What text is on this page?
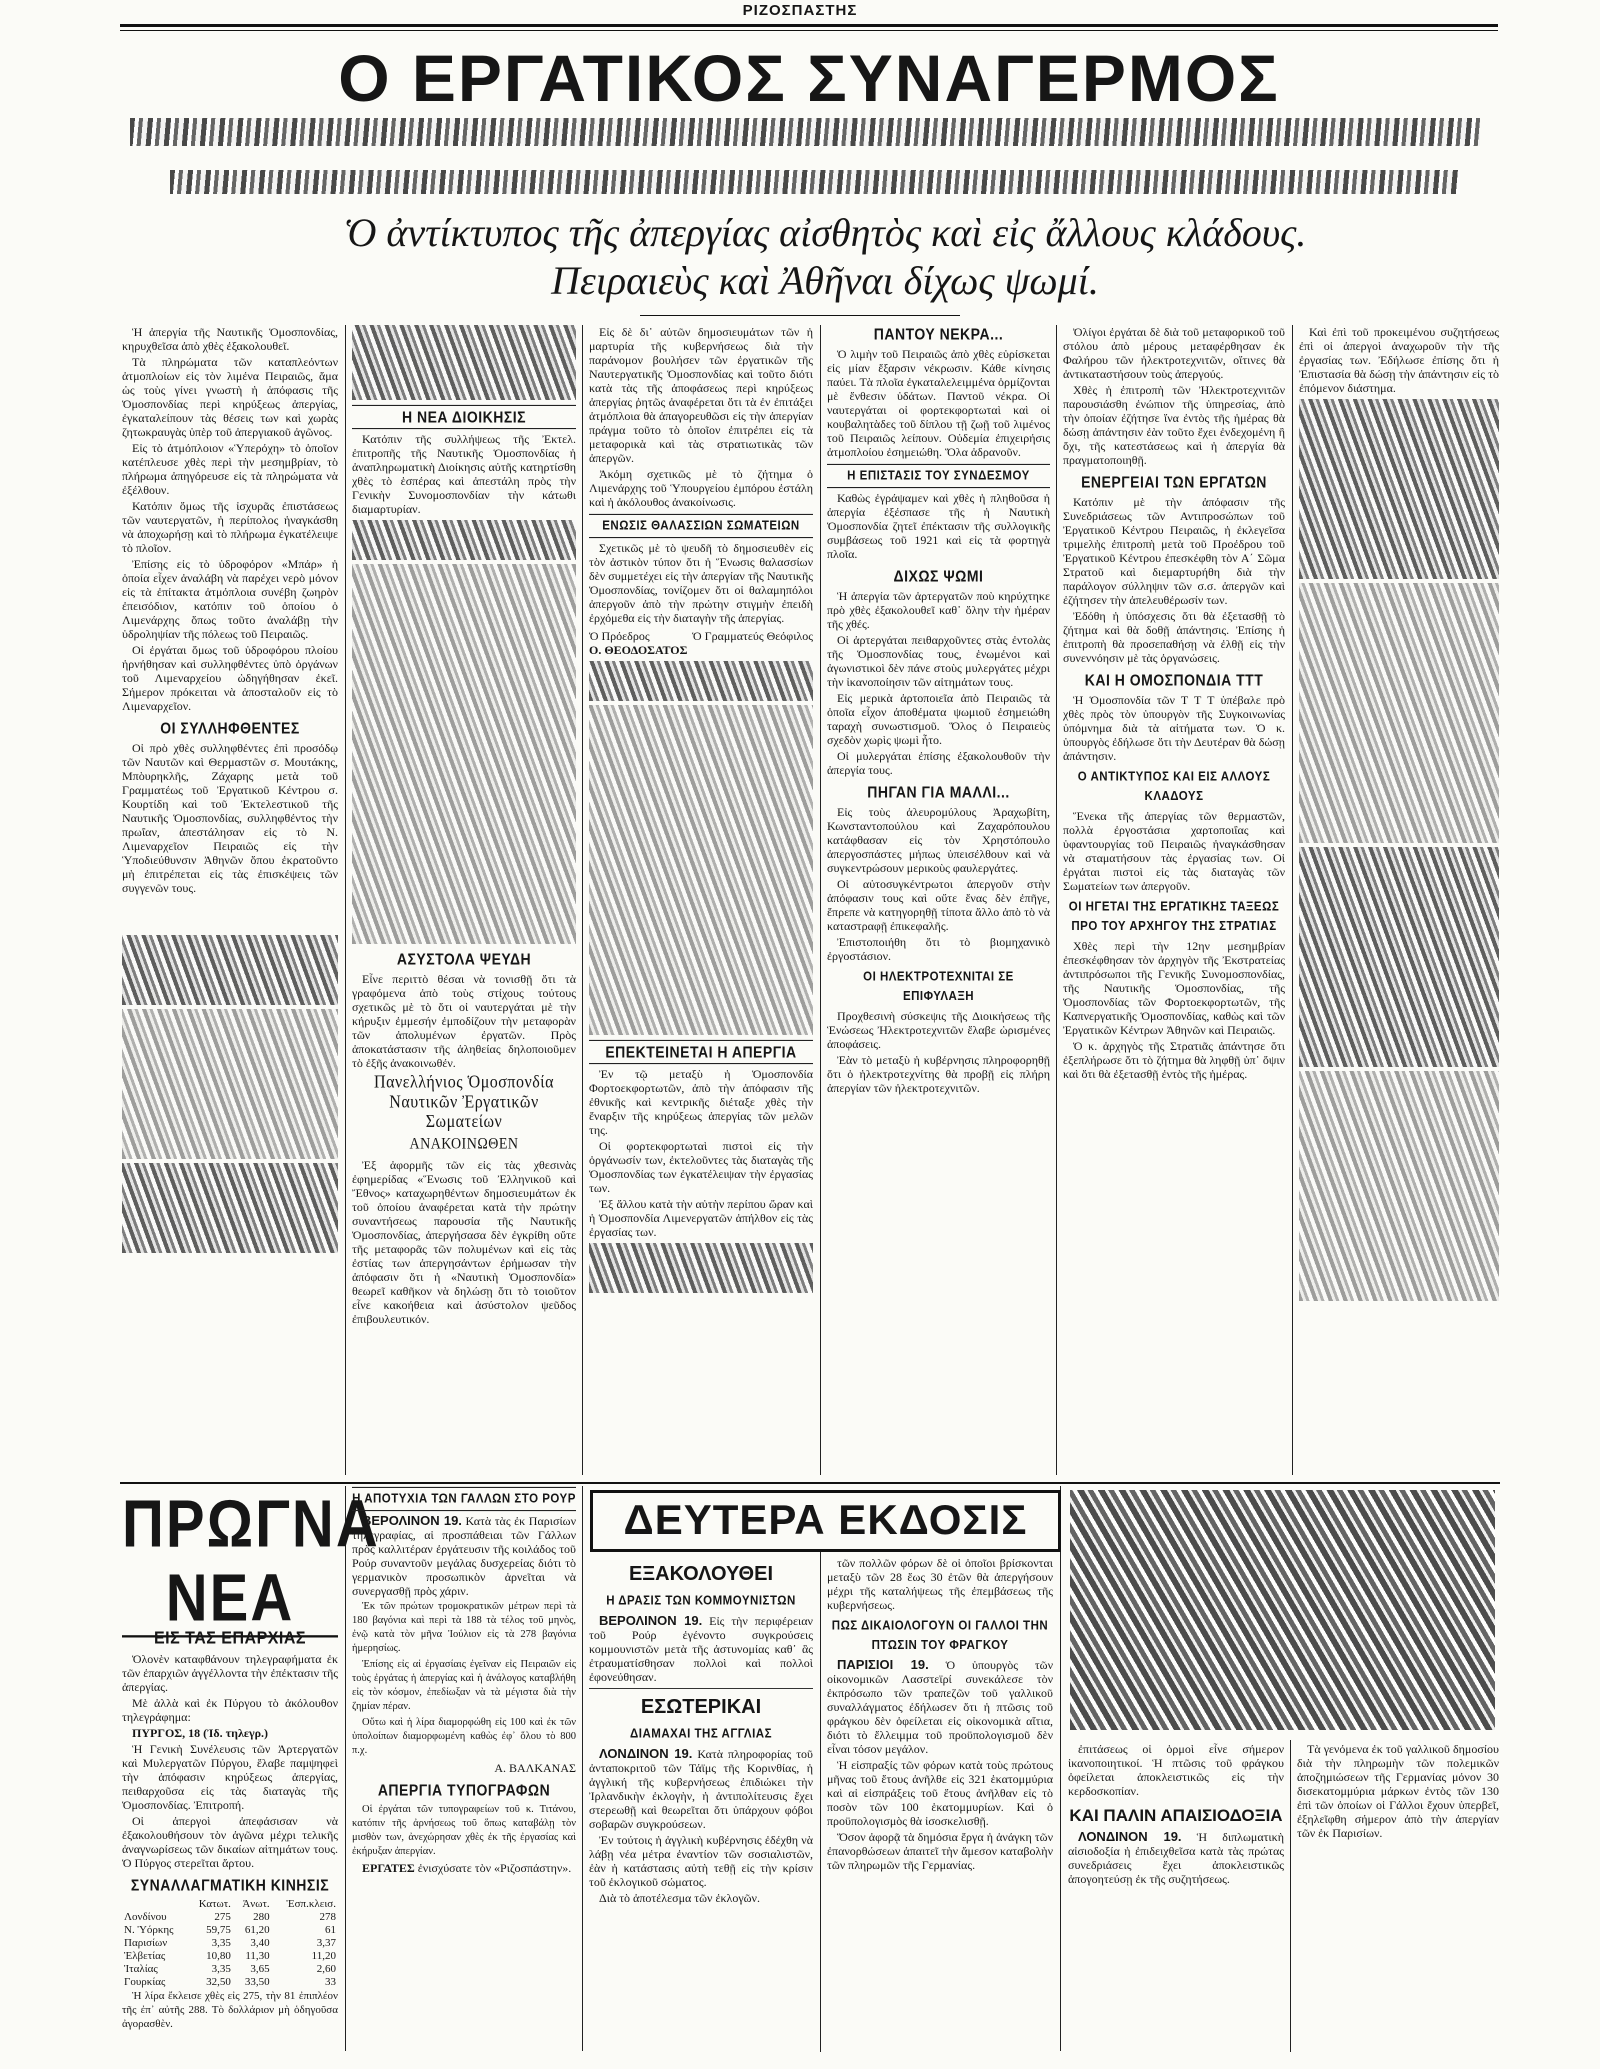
ΡΙΖΟΣΠΑΣΤΗΣ
Ο ΕΡΓΑΤΙΚΟΣ ΣΥΝΑΓΕΡΜΟΣ
Ὁ ἀντίκτυπος τῆς ἀπεργίας αἰσθητὸς καὶ εἰς ἄλλους κλάδους.
Πειραιεὺς καὶ Ἀθῆναι δίχως ψωμί.

Ἡ ἀπεργία τῆς Ναυτικῆς Ὁμοσπονδίας, κηρυχθεῖσα ἀπὸ χθὲς ἐξακολουθεῖ.

Τὰ πληρώματα τῶν καταπλεόντων ἀτμοπλοίων εἰς τὸν λιμένα Πειραιῶς, ἅμα ὡς τοὺς γίνει γνωστὴ ἡ ἀπόφασις τῆς Ὁμοσπονδίας περὶ κηρύξεως ἀπεργίας, ἐγκαταλείπουν τὰς θέσεις των καὶ χωρὰς ζητωκραυγὰς ὑπὲρ τοῦ ἀπεργιακοῦ ἀγῶνος.

Εἰς τὸ ἀτμόπλοιον «Ὑπερόχη» τὸ ὁποῖον κατέπλευσε χθὲς περὶ τὴν μεσημβρίαν, τὸ πλήρωμα ἀπηγόρευσε εἰς τὰ πληρώματα νὰ ἐξέλθουν.

Κατόπιν ὅμως τῆς ἰσχυρᾶς ἐπιστάσεως τῶν ναυτεργατῶν, ἡ περίπολος ἠναγκάσθη νὰ ἀποχωρήσῃ καὶ τὸ πλήρωμα ἐγκατέλειψε τὸ πλοῖον.

Ἐπίσης εἰς τὸ ὑδροφόρον «Μπάρ» ἡ ὁποία εἶχεν ἀναλάβη νὰ παρέχει νερὸ μόνον εἰς τὰ ἐπίτακτα ἀτμόπλοια συνέβη ζωηρὸν ἐπεισόδιον, κατόπιν τοῦ ὁποίου ὁ Λιμενάρχης ὅπως τοῦτο ἀναλάβῃ τὴν ὑδροληψίαν τῆς πόλεως τοῦ Πειραιῶς.

Οἱ ἐργάται ὅμως τοῦ ὑδροφόρου πλοίου ἠρνήθησαν καὶ συλληφθέντες ὑπὸ ὀργάνων τοῦ Λιμεναρχείου ὡδηγήθησαν ἐκεῖ. Σήμερον πρόκειται νὰ ἀποσταλοῦν εἰς τὸ Λιμεναρχεῖον.

ΟΙ ΣΥΛΛΗΦΘΕΝΤΕΣ

Οἱ πρὸ χθὲς συλληφθέντες ἐπὶ προσόδῳ τῶν Ναυτῶν καὶ Θερμαστῶν σ. Μουτάκης, Μπὸυρηκλῆς, Ζάχαρης μετὰ τοῦ Γραμματέως τοῦ Ἐργατικοῦ Κέντρου σ. Κουρτίδη καὶ τοῦ Ἐκτελεστικοῦ τῆς Ναυτικῆς Ὁμοσπονδίας, συλληφθέντος τὴν πρωΐαν, ἀπεστάλησαν εἰς τὸ Ν. Λιμεναρχεῖον Πειραιῶς εἰς τὴν Ὑποδιεύθυνσιν Ἀθηνῶν ὅπου ἐκρατοῦντο μὴ ἐπιτρέπεται εἰς τὰς ἐπισκέψεις τῶν συγγενῶν τους.

Η ΝΕΑ ΔΙΟΙΚΗΣΙΣ

Κατόπιν τῆς συλλήψεως τῆς Ἐκτελ. ἐπιτροπῆς τῆς Ναυτικῆς Ὁμοσπονδίας ἡ ἀναπληρωματικὴ Διοίκησις αὐτῆς κατηρτίσθη χθὲς τὸ ἑσπέρας καὶ ἀπεστάλη πρὸς τὴν Γενικὴν Συνομοσπονδίαν τὴν κάτωθι διαμαρτυρίαν.

ΑΣΥΣΤΟΛΑ ΨΕΥΔΗ

Εἶνε περιττὸ θέσαι νὰ τονισθῇ ὅτι τὰ γραφόμενα ἀπὸ τοὺς στίχους τούτους σχετικῶς μὲ τὸ ὅτι οἱ ναυτεργάται μὲ τὴν κήρυξιν ἐμμεσήν ἐμποδίζουν τὴν μεταφορὰν τῶν ἀπολυμένων ἐργατῶν. Πρὸς ἀποκατάστασιν τῆς ἀληθείας δηλοποιοῦμεν τὸ ἐξῆς ἀνακοινωθέν.

Πανελλήνιος Ὁμοσπονδία Ναυτικῶν Ἐργατικῶν Σωματείων
ΑΝΑΚΟΙΝΩΘΕΝ

Ἐξ ἀφορμῆς τῶν εἰς τὰς χθεσινὰς ἐφημερίδας «Ἕνωσις τοῦ Ἐλληνικοῦ καὶ Ἔθνος» καταχωρηθέντων δημοσιευμάτων ἐκ τοῦ ὁποίου ἀναφέρεται κατὰ τὴν πρώτην συναντήσεως παρουσία τῆς Ναυτικῆς Ὁμοσπονδίας, ἀπεργήσασα δὲν ἐγκρίθη οὔτε τῆς μεταφορᾶς τῶν πολυμένων καὶ εἰς τὰς ἐστίας των ἀπεργησάντων ἐρήμωσαν τὴν ἀπόφασιν ὅτι ἡ «Ναυτικὴ Ὁμοσπονδία» θεωρεῖ καθῆκον νὰ δηλώσῃ ὅτι τὸ τοιοῦτον εἶνε κακοήθεια καὶ ἀσύστολον ψεῦδος ἐπιβουλευτικόν.

Εἰς δὲ δι᾽ αὐτῶν δημοσιευμάτων τῶν ἡ μαρτυρία τῆς κυβερνήσεως διὰ τὴν παράνομον βουλήσεν τῶν ἐργατικῶν τῆς Ναυτεργατικῆς Ὁμοσπονδίας καὶ τοῦτο διότι κατὰ τὰς τῆς ἀποφάσεως περὶ κηρύξεως ἀπεργίας ῥητῶς ἀναφέρεται ὅτι τὰ ἐν ἐπιτάξει ἀτμόπλοια θὰ ἀπαγορευθῶσι εἰς τὴν ἀπεργίαν πράγμα τοῦτο τὸ ὁποῖον ἐπιτρέπει εἰς τὰ μεταφορικὰ καὶ τὰς στρατιωτικὰς τῶν ἀπεργῶν.

Ἀκόμη σχετικῶς μὲ τὸ ζήτημα ὁ Λιμενάρχης τοῦ Ὑπουργείου ἐμπόρου ἐστάλη καὶ ἡ ἀκόλουθος ἀνακοίνωσις.

ΕΝΩΣΙΣ ΘΑΛΑΣΣΙΩΝ ΣΩΜΑΤΕΙΩΝ

Σχετικῶς μὲ τὸ ψευδῆ τὸ δημοσιευθὲν εἰς τὸν ἀστικὸν τύπον ὅτι ἡ Ἕνωσις θαλασσίων δὲν συμμετέχει εἰς τὴν ἀπεργίαν τῆς Ναυτικῆς Ὁμοσπονδίας, τονίζομεν ὅτι οἱ θαλαμηπόλοι ἀπεργοῦν ἀπὸ τὴν πρώτην στιγμὴν ἐπειδὴ ἐρχόμεθα εἰς τὴν διαταγὴν τῆς ἀπεργίας.

Ὁ Πρόεδρος
Ο. ΘΕΟΔΟΣΑΤΟΣ
Ὁ Γραμματεύς Θεόφιλος
ΕΠΕΚΤΕΙΝΕΤΑΙ Η ΑΠΕΡΓΙΑ

Ἐν τῷ μεταξὺ ἡ Ὁμοσπονδία Φορτοεκφορτωτῶν, ἀπὸ τὴν ἀπόφασιν τῆς ἐθνικῆς καὶ κεντρικῆς διέταξε χθὲς τὴν ἔναρξιν τῆς κηρύξεως ἀπεργίας τῶν μελῶν της.

Οἱ φορτεκφορτωταὶ πιστοὶ εἰς τὴν ὀργάνωσίν των, ἐκτελοῦντες τὰς διαταγὰς τῆς Ὁμοσπονδίας των ἐγκατέλειψαν τὴν ἐργασίας των.

Ἐξ ἄλλου κατὰ τὴν αὐτὴν περίπου ὥραν καὶ ἡ Ὁμοσπονδία Λιμενεργατῶν ἀπήλθον εἰς τὰς ἐργασίας των.

ΠΑΝΤΟΥ ΝΕΚΡΑ...

Ὁ λιμὴν τοῦ Πειραιῶς ἀπὸ χθὲς εὑρίσκεται εἰς μίαν ἔξαρσιν νέκρωσιν. Κάθε κίνησις παύει. Τὰ πλοῖα ἐγκαταλελειμμένα ὁρμίζονται μὲ ἔνθεσιν ὑδάτων. Παντοῦ νέκρα. Οἱ ναυτεργάται οἱ φορτεκφορτωταὶ καὶ οἱ κουβαλητὰδες τοῦ δίπλου τῇ ζωῇ τοῦ λιμένος τοῦ Πειραιῶς λείπουν. Οὐδεμία ἐπιχειρήσις ἀτμοπλοίου ἐσημειώθη. Ὅλα ἀδρανοῦν.

Η ΕΠΙΣΤΑΣΙΣ ΤΟΥ ΣΥΝΔΕΣΜΟΥ

Καθὼς ἐγράψαμεν καὶ χθὲς ἡ πληθοῦσα ἡ ἀπεργία ἐξέσπασε τῆς ἡ Ναυτικὴ Ὁμοσπονδία ζητεῖ ἐπέκτασιν τῆς συλλογικῆς συμβάσεως τοῦ 1921 καὶ εἰς τὰ φορτηγὰ πλοῖα.

ΔΙΧΩΣ ΨΩΜΙ

Ἡ ἀπεργία τῶν ἀρτεργατῶν ποὺ κηρύχτηκε πρὸ χθὲς ἐξακολουθεῖ καθ᾽ ὅλην τὴν ἡμέραν τῆς χθές.

Οἱ ἀρτεργάται πειθαρχοῦντες στὰς ἐντολὰς τῆς Ὁμοσπονδίας τους, ἑνωμένοι καὶ ἀγωνιστικοὶ δὲν πάνε στοὺς μυλεργάτες μέχρι τὴν ἱκανοποίησιν τῶν αἰτημάτων τους.

Εἰς μερικὰ ἀρτοποιεῖα ἀπὸ Πειραιῶς τὰ ὁποῖα εἶχον ἀποθέματα ψωμιοῦ ἐσημειώθη ταραχὴ συνωστισμοῦ. Ὅλος ὁ Πειραιεὺς σχεδὸν χωρὶς ψωμὶ ἦτο.

Οἱ μυλεργάται ἐπίσης ἐξακολουθοῦν τὴν ἀπεργία τους.

ΠΗΓΑΝ ΓΙΑ ΜΑΛΛΙ...

Εἰς τοὺς ἀλευρομύλους Ἀραχωβίτη, Κωνσταντοπούλου καὶ Ζαχαρόπουλου κατάφθασαν εἰς τὸν Χρηστόπουλο ἀπεργοσπάστες μήπως ὑπεισέλθουν καὶ νὰ συγκεντρώσουν μερικοὺς φαυλεργάτες.

Οἱ αὐτοσυγκέντρωτοι ἀπεργοῦν στὴν ἀπόφασιν τους καὶ οὔτε ἕνας δὲν ἐπῆγε, ἔπρεπε νὰ κατηγορηθῇ τίποτα ἄλλο ἀπὸ τὸ νὰ καταστραφῇ ἐπικεφαλῆς.

Ἐπιστοποιήθη ὅτι τὸ βιομηχανικὸ ἐργοστάσιον.

ΟΙ ΗΛΕΚΤΡΟΤΕΧΝΙΤΑΙ ΣΕ ΕΠΙΦΥΛΑΞΗ

Προχθεσινὴ σύσκεψις τῆς Διοικήσεως τῆς Ἑνώσεως Ἠλεκτροτεχνιτῶν ἔλαβε ὡρισμένες ἀποφάσεις.

Ἐὰν τὸ μεταξὺ ἡ κυβέρνησις πληροφορηθῇ ὅτι ὁ ἡλεκτροτεχνίτης θὰ προβῇ εἰς πλήρη ἀπεργίαν τῶν ἠλεκτροτεχνιτῶν.

Ὀλίγοι ἐργάται δὲ διὰ τοῦ μεταφορικοῦ τοῦ στόλου ἀπὸ μέρους μεταφέρθησαν ἐκ Φαλήρου τῶν ἠλεκτροτεχνιτῶν, οἵτινες θὰ ἀντικαταστήσουν τοὺς ἀπεργούς.

Χθὲς ἡ ἐπιτροπὴ τῶν Ἠλεκτροτεχνιτῶν παρουσιάσθη ἐνώπιον τῆς ὑπηρεσίας, ἀπὸ τὴν ὁποίαν ἐζήτησε ἵνα ἐντὸς τῆς ἡμέρας θὰ δώσῃ ἀπάντησιν ἐὰν τοῦτο ἔχει ἐνδεχομένη ἢ ὄχι, τῆς κατεστάσεως καὶ ἡ ἀπεργία θὰ πραγματοποιηθῇ.

ΕΝΕΡΓΕΙΑΙ ΤΩΝ ΕΡΓΑΤΩΝ

Κατόπιν μὲ τὴν ἀπόφασιν τῆς Συνεδριάσεως τῶν Αντιπροσώπων τοῦ Ἐργατικοῦ Κέντρου Πειραιῶς, ἡ ἐκλεγεῖσα τριμελὴς ἐπιτροπὴ μετὰ τοῦ Προέδρου τοῦ Ἐργατικοῦ Κέντρου ἐπεσκέφθη τὸν Α΄ Σῶμα Στρατοῦ καὶ διεμαρτυρήθη διὰ τὴν παράλογον σύλληψιν τῶν σ.σ. ἀπεργῶν καὶ ἐζήτησεν τὴν ἀπελευθέρωσίν των.

Ἐδόθη ἡ ὑπόσχεσις ὅτι θὰ ἐξετασθῇ τὸ ζήτημα καὶ θὰ δοθῇ ἀπάντησις. Ἐπίσης ἡ ἐπιτροπὴ θὰ προσεπαθήσῃ νὰ ἐλθῇ εἰς τὴν συνεννόησιν μὲ τὰς ὀργανώσεις.

ΚΑΙ Η ΟΜΟΣΠΟΝΔΙΑ ΤΤΤ

Ἡ Ὁμοσπονδία τῶν Τ Τ Τ ὑπέβαλε πρὸ χθὲς πρὸς τὸν ὑπουργὸν τῆς Συγκοινωνίας ὑπόμνημα διὰ τὰ αἰτήματα των. Ὁ κ. ὑπουργὸς ἐδήλωσε ὅτι τὴν Δευτέραν θὰ δώσῃ ἀπάντησιν.

Ο ΑΝΤΙΚΤΥΠΟΣ ΚΑΙ ΕΙΣ ΑΛΛΟΥΣ ΚΛΑΔΟΥΣ

Ἕνεκα τῆς ἀπεργίας τῶν θερμαστῶν, πολλὰ ἐργοστάσια χαρτοποιΐας καὶ ὑφαντουργίας τοῦ Πειραιῶς ἠναγκάσθησαν νὰ σταματήσουν τὰς ἐργασίας των. Οἱ ἐργάται πιστοὶ εἰς τὰς διαταγὰς τῶν Σωματείων των ἀπεργοῦν.

ΟΙ ΗΓΕΤΑΙ ΤΗΣ ΕΡΓΑΤΙΚΗΣ ΤΑΞΕΩΣ ΠΡΟ ΤΟΥ ΑΡΧΗΓΟΥ ΤΗΣ ΣΤΡΑΤΙΑΣ

Χθὲς περὶ τὴν 12ην μεσημβρίαν ἐπεσκέφθησαν τὸν ἀρχηγὸν τῆς Ἐκστρατείας ἀντιπρόσωποι τῆς Γενικῆς Συνομοσπονδίας, τῆς Ναυτικῆς Ὁμοσπονδίας, τῆς Ὁμοσπονδίας τῶν Φορτοεκφορτωτῶν, τῆς Καπνεργατικῆς Ὁμοσπονδίας, καθὼς καὶ τῶν Ἐργατικῶν Κέντρων Ἀθηνῶν καὶ Πειραιῶς.

Ὁ κ. ἀρχηγὸς τῆς Στρατιᾶς ἀπάντησε ὅτι ἐξεπλήρωσε ὅτι τὸ ζήτημα θὰ ληφθῇ ὑπ᾽ ὄψιν καὶ ὅτι θὰ ἐξετασθῇ ἐντὸς τῆς ἡμέρας.

Καὶ ἐπὶ τοῦ προκειμένου συζητήσεως ἐπὶ οἱ ἀπεργοὶ ἀναχωροῦν τὴν τῆς ἐργασίας των. Ἐδήλωσε ἐπίσης ὅτι ἡ Ἐπιστασία θὰ δώσῃ τὴν ἀπάντησιν εἰς τὸ ἐπόμενον διάστημα.

ΠΡΩΓΝΑ ΝΕΑ
ΕΙΣ ΤΑΣ ΕΠΑΡΧΙΑΣ

Ὁλονὲν καταφθάνουν τηλεγραφήματα ἐκ τῶν ἐπαρχιῶν ἀγγέλλοντα τὴν ἐπέκτασιν τῆς ἀπεργίας.

Μὲ ἀλλὰ καὶ ἐκ Πύργου τὸ ἀκόλουθον τηλεγράφημα:

ΠΥΡΓΟΣ, 18 (Ἰδ. τηλεγρ.)

Ἡ Γενικὴ Συνέλευσις τῶν Ἀρτεργατῶν καὶ Μυλεργατῶν Πύργου, ἔλαβε παμψηφεὶ τὴν ἀπόφασιν κηρύξεως ἀπεργίας, πειθαρχοῦσα εἰς τὰς διαταγὰς τῆς Ὁμοσπονδίας. Ἐπιτροπή.

Οἱ ἀπεργοὶ ἀπεφάσισαν νὰ ἐξακολουθήσουν τὸν ἀγῶνα μέχρι τελικῆς ἀναγνωρίσεως τῶν δικαίων αἰτημάτων τους. Ὁ Πύργος στερεῖται ἄρτου.

ΣΥΝΑΛΛΑΓΜΑΤΙΚΗ ΚΙΝΗΣΙΣ
	Κατωτ.	Ἀνωτ.	Ἐσπ.κλεισ.
Λονδίνου	275	280	278
Ν. Ὑόρκης	59,75	61,20	61
Παρισίων	3,35	3,40	3,37
Ἑλβετίας	10,80	11,30	11,20
Ἰταλίας	3,35	3,65	2,60
Γουρκίας	32,50	33,50	33

Ἡ λίρα ἔκλεισε χθὲς εἰς 275, τὴν 81 ἐπιπλέον τῆς ἐπ᾽ αὐτῆς 288. Τὸ δολλάριον μὴ ὁδηγοῦσα ἀγορασθὲν.

Η ΑΠΟΤΥΧΙΑ ΤΩΝ ΓΑΛΛΩΝ ΣΤΟ ΡΟΥΡ

ΒΕΡΟΛΙΝΟΝ 19. Κατὰ τὰς ἐκ Παρισίων τηλεγραφίας, αἱ προσπάθειαι τῶν Γάλλων πρὸς καλλιτέραν ἐργάτευσιν τῆς κοιλάδος τοῦ Ρούρ συναντοῦν μεγάλας δυσχερείας διότι τὸ γερμανικὸν προσωπικὸν ἀρνεῖται νὰ συνεργασθῇ πρὸς χάριν.

Ἐκ τῶν πρώτων τρομοκρατικῶν μέτρων περὶ τὰ 180 βαγόνια καὶ περὶ τὰ 188 τὰ τέλος τοῦ μηνὸς, ἐνῷ κατὰ τὸν μῆνα Ἰούλιον εἰς τὰ 278 βαγόνια ἡμερησίως.

Ἐπίσης εἰς αἱ ἐργασίαις ἐγεῖναν εἰς Πειραιῶν εἰς τοὺς ἐργάτας ἡ ἀπεργίας καὶ ἡ ἀνάλογος καταβλήθη εἰς τὸν κόσμον, ἐπεδίωξαν νὰ τὰ μέγιστα διὰ τὴν ζημίαν πέραν.

Οὕτω καὶ ἡ λίρα διαμορφώθη εἰς 100 καὶ ἐκ τῶν ὑπολοίπων διαμορφωμένη καθὼς ἐφ᾽ ὅλου τὸ 800 π.χ.

Α. ΒΑΛΚΑΝΑΣ
ΑΠΕΡΓΙΑ ΤΥΠΟΓΡΑΦΩΝ

Οἱ ἐργάται τῶν τυπογραφείων τοῦ κ. Τιτάνου, κατόπιν τῆς ἀρνήσεως τοῦ ὅπως καταβάλῃ τὸν μισθὸν των, ἀνεχώρησαν χθὲς ἐκ τῆς ἐργασίας καὶ ἐκήρυξαν ἀπεργίαν.

ΕΡΓΑΤΕΣ ἐνισχύσατε τὸν «Ριζοσπάστην».

ΔΕΥΤΕΡΑ ΕΚΔΟΣΙΣ
ΕΞΑΚΟΛΟΥΘΕΙ
Η ΔΡΑΣΙΣ ΤΩΝ ΚΟΜΜΟΥΝΙΣΤΩΝ

ΒΕΡΟΛΙΝΟΝ 19. Εἰς τὴν περιφέρειαν τοῦ Ρούρ ἐγένοντο συγκρούσεις κομμουνιστῶν μετὰ τῆς ἀστυνομίας καθ᾽ ἃς ἐτραυματίσθησαν πολλοὶ καὶ πολλοὶ ἐφονεύθησαν.

ΕΣΩΤΕΡΙΚΑΙ
ΔΙΑΜΑΧΑΙ ΤΗΣ ΑΓΓΛΙΑΣ

ΛΟΝΔΙΝΟΝ 19. Κατὰ πληροφορίας τοῦ ἀνταποκριτοῦ τῶν Τάϊμς τῆς Κορινθίας, ἡ ἀγγλική τῆς κυβερνήσεως ἐπιδιώκει τὴν Ἰρλανδικὴν ἐκλογὴν, ἡ ἀντιπολίτευσις ἔχει στερεωθῇ καὶ θεωρεῖται ὅτι ὑπάρχουν φόβοι σοβαρῶν συγκρούσεων.

Ἐν τούτοις ἡ ἀγγλικὴ κυβέρνησις ἐδέχθη νὰ λάβῃ νέα μέτρα ἐναντίον τῶν σοσιαλιστῶν, ἐὰν ἡ κατάστασις αὐτὴ τεθῇ εἰς τὴν κρίσιν τοῦ ἐκλογικοῦ σώματος.

Διὰ τὸ ἀποτέλεσμα τῶν ἐκλογῶν.

τῶν πολλῶν φόρων δὲ οἱ ὁποῖοι βρίσκονται μεταξὺ τῶν 28 ἕως 30 ἐτῶν θὰ ἀπεργήσουν μέχρι τῆς καταλήψεως τῆς ἐπεμβάσεως τῆς κυβερνήσεως.

ΠΩΣ ΔΙΚΑΙΟΛΟΓΟΥΝ ΟΙ ΓΑΛΛΟΙ ΤΗΝ ΠΤΩΣΙΝ ΤΟΥ ΦΡΑΓΚΟΥ

ΠΑΡΙΣΙΟΙ 19. Ὁ ὑπουργὸς τῶν οἰκονομικῶν Λασστεϊρί συνεκάλεσε τὸν ἐκπρόσωπο τῶν τραπεζῶν τοῦ γαλλικοῦ συναλλάγματος ἐδήλωσεν ὅτι ἡ πτῶσις τοῦ φράγκου δὲν ὀφείλεται εἰς οἰκονομικὰ αἴτια, διότι τὸ ἔλλειμμα τοῦ προϋπολογισμοῦ δὲν εἶναι τόσον μεγάλον.

Ἡ εἰσπραξίς τῶν φόρων κατὰ τοὺς πρώτους μῆνας τοῦ ἔτους ἀνῆλθε εἰς 321 ἑκατομμύρια καὶ αἱ εἰσπράξεις τοῦ ἔτους ἀνῆλθαν εἰς τὸ ποσὸν τῶν 100 ἑκατομμυρίων. Καὶ ὁ προϋπολογισμὸς θὰ ἰσοσκελισθῇ.

Ὅσον ἀφορᾷ τὰ δημόσια ἔργα ἡ ἀνάγκη τῶν ἐπανορθώσεων ἀπαιτεῖ τὴν ἄμεσον καταβολὴν τῶν πληρωμῶν τῆς Γερμανίας.

ἐπιτάσεως οἱ ὁρμοὶ εἶνε σήμερον ἱκανοποιητικοί. Ἡ πτῶσις τοῦ φράγκου ὀφείλεται ἀποκλειστικῶς εἰς τὴν κερδοσκοπίαν.

ΚΑΙ ΠΑΛΙΝ ΑΠΑΙΣΙΟΔΟΞΙΑ

ΛΟΝΔΙΝΟΝ 19. Ἡ διπλωματικὴ αἰσιοδοξία ἡ ἐπιδειχθεῖσα κατὰ τὰς πρώτας συνεδριάσεις ἔχει ἀποκλειστικῶς ἀπογοητεύσῃ ἐκ τῆς συζητήσεως.

Τὰ γενόμενα ἐκ τοῦ γαλλικοῦ δημοσίου διὰ τὴν πληρωμὴν τῶν πολεμικῶν ἀποζημιώσεων τῆς Γερμανίας μόνον 30 δισεκατομμύρια μάρκων ἐντὸς τῶν 130 ἐπὶ τῶν ὁποίων οἱ Γάλλοι ἔχουν ὑπερβεῖ, ἐξηλεῖφθη σήμερον ἀπὸ τὴν ἀπεργίαν τῶν ἐκ Παρισίων.
